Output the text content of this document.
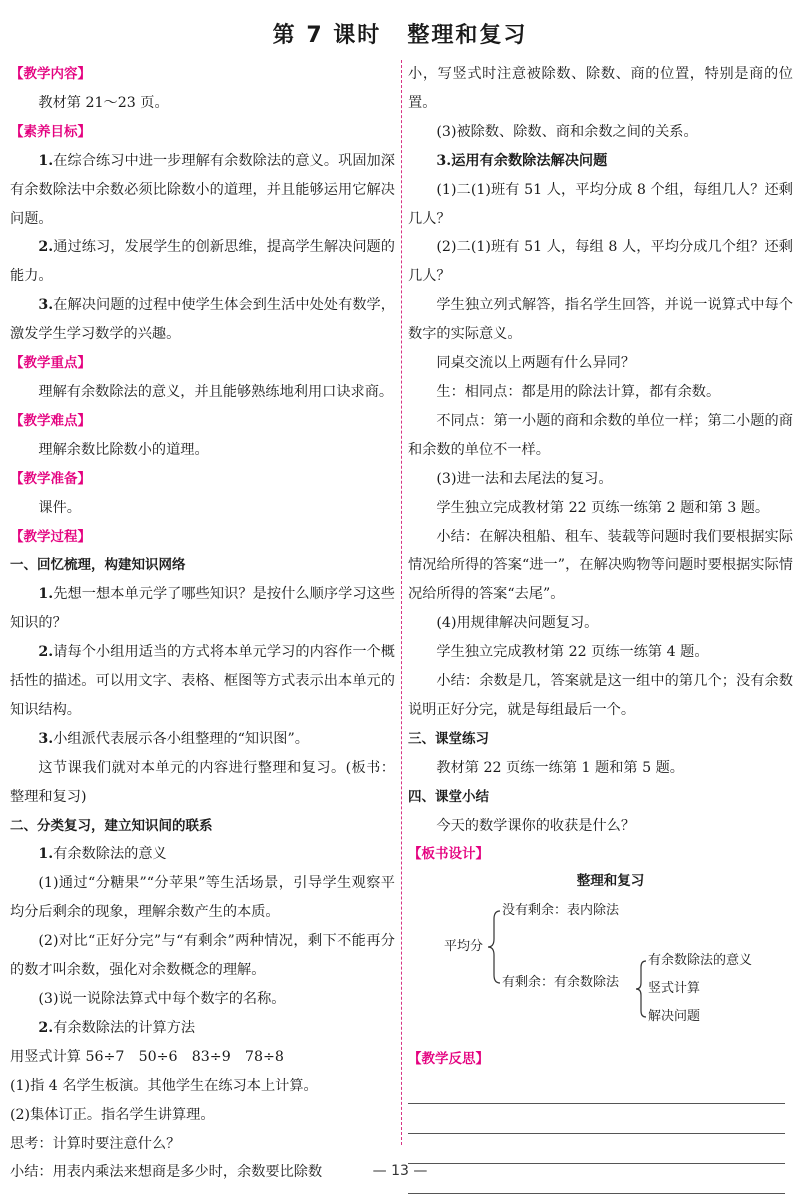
第 7 课时 整理和复习

【教学内容】

教材第 21～23 页。

【素养目标】

1.在综合练习中进一步理解有余数除法的意义。巩固加深有余数除法中余数必须比除数小的道理，并且能够运用它解决问题。

2.通过练习，发展学生的创新思维，提高学生解决问题的能力。

3.在解决问题的过程中使学生体会到生活中处处有数学，激发学生学习数学的兴趣。

【教学重点】

理解有余数除法的意义，并且能够熟练地利用口诀求商。

【教学难点】

理解余数比除数小的道理。

【教学准备】

课件。

【教学过程】

一、回忆梳理，构建知识网络

1.先想一想本单元学了哪些知识？是按什么顺序学习这些知识的？

2.请每个小组用适当的方式将本单元学习的内容作一个概括性的描述。可以用文字、表格、框图等方式表示出本单元的知识结构。

3.小组派代表展示各小组整理的“知识图”。

这节课我们就对本单元的内容进行整理和复习。(板书：整理和复习)

二、分类复习，建立知识间的联系

1.有余数除法的意义

(1)通过“分糖果”“分苹果”等生活场景，引导学生观察平均分后剩余的现象，理解余数产生的本质。

(2)对比“正好分完”与“有剩余”两种情况，剩下不能再分的数才叫余数，强化对余数概念的理解。

(3)说一说除法算式中每个数字的名称。

2.有余数除法的计算方法

用竖式计算 56÷7　50÷6　83÷9　78÷8

(1)指 4 名学生板演。其他学生在练习本上计算。

(2)集体订正。指名学生讲算理。

思考：计算时要注意什么？

小结：用表内乘法来想商是多少时，余数要比除数

小，写竖式时注意被除数、除数、商的位置，特别是商的位置。

(3)被除数、除数、商和余数之间的关系。

3.运用有余数除法解决问题

(1)二(1)班有 51 人，平均分成 8 个组，每组几人？还剩几人？

(2)二(1)班有 51 人，每组 8 人，平均分成几个组？还剩几人？

学生独立列式解答，指名学生回答，并说一说算式中每个数字的实际意义。

同桌交流以上两题有什么异同？

生：相同点：都是用的除法计算，都有余数。

不同点：第一小题的商和余数的单位一样；第二小题的商和余数的单位不一样。

(3)进一法和去尾法的复习。

学生独立完成教材第 22 页练一练第 2 题和第 3 题。

小结：在解决租船、租车、装载等问题时我们要根据实际情况给所得的答案“进一”，在解决购物等问题时要根据实际情况给所得的答案“去尾”。

(4)用规律解决问题复习。

学生独立完成教材第 22 页练一练第 4 题。

小结：余数是几，答案就是这一组中的第几个；没有余数说明正好分完，就是每组最后一个。

三、课堂练习

教材第 22 页练一练第 1 题和第 5 题。

四、课堂小结

今天的数学课你的收获是什么？

【板书设计】

整理和复习
平均分
没有剩余：表内除法
有剩余：有余数除法
有余数除法的意义
竖式计算
解决问题

【教学反思】

— 13 —
